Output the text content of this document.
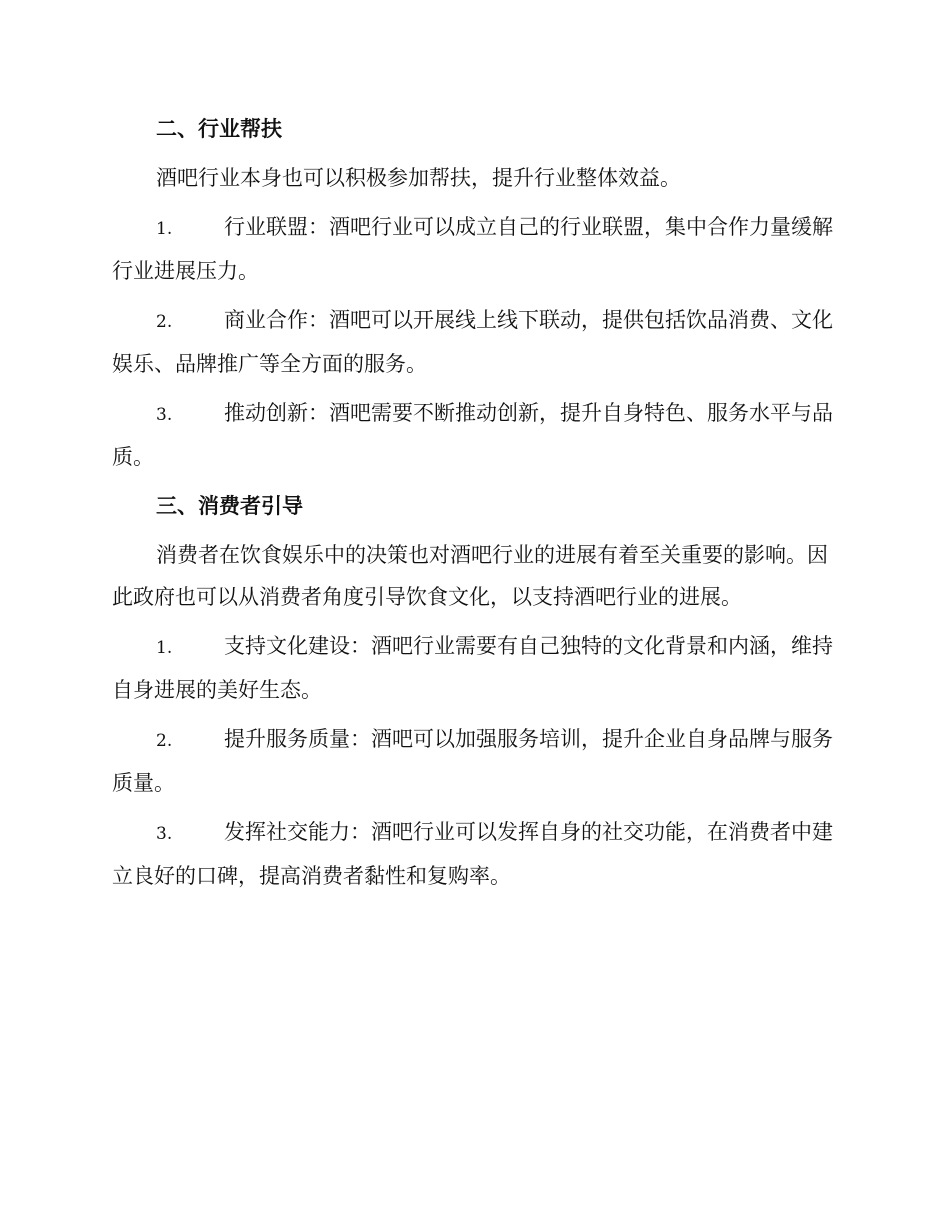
二、行业帮扶
酒吧行业本身也可以积极参加帮扶，提升行业整体效益。
1. 行业联盟：酒吧行业可以成立自己的行业联盟，集中合作力量缓解行业进展压力。
2. 商业合作：酒吧可以开展线上线下联动，提供包括饮品消费、文化娱乐、品牌推广等全方面的服务。
3. 推动创新：酒吧需要不断推动创新，提升自身特色、服务水平与品质。
三、消费者引导
消费者在饮食娱乐中的决策也对酒吧行业的进展有着至关重要的影响。因此政府也可以从消费者角度引导饮食文化，以支持酒吧行业的进展。
1. 支持文化建设：酒吧行业需要有自己独特的文化背景和内涵，维持自身进展的美好生态。
2. 提升服务质量：酒吧可以加强服务培训，提升企业自身品牌与服务质量。
3. 发挥社交能力：酒吧行业可以发挥自身的社交功能，在消费者中建立良好的口碑，提高消费者黏性和复购率。
